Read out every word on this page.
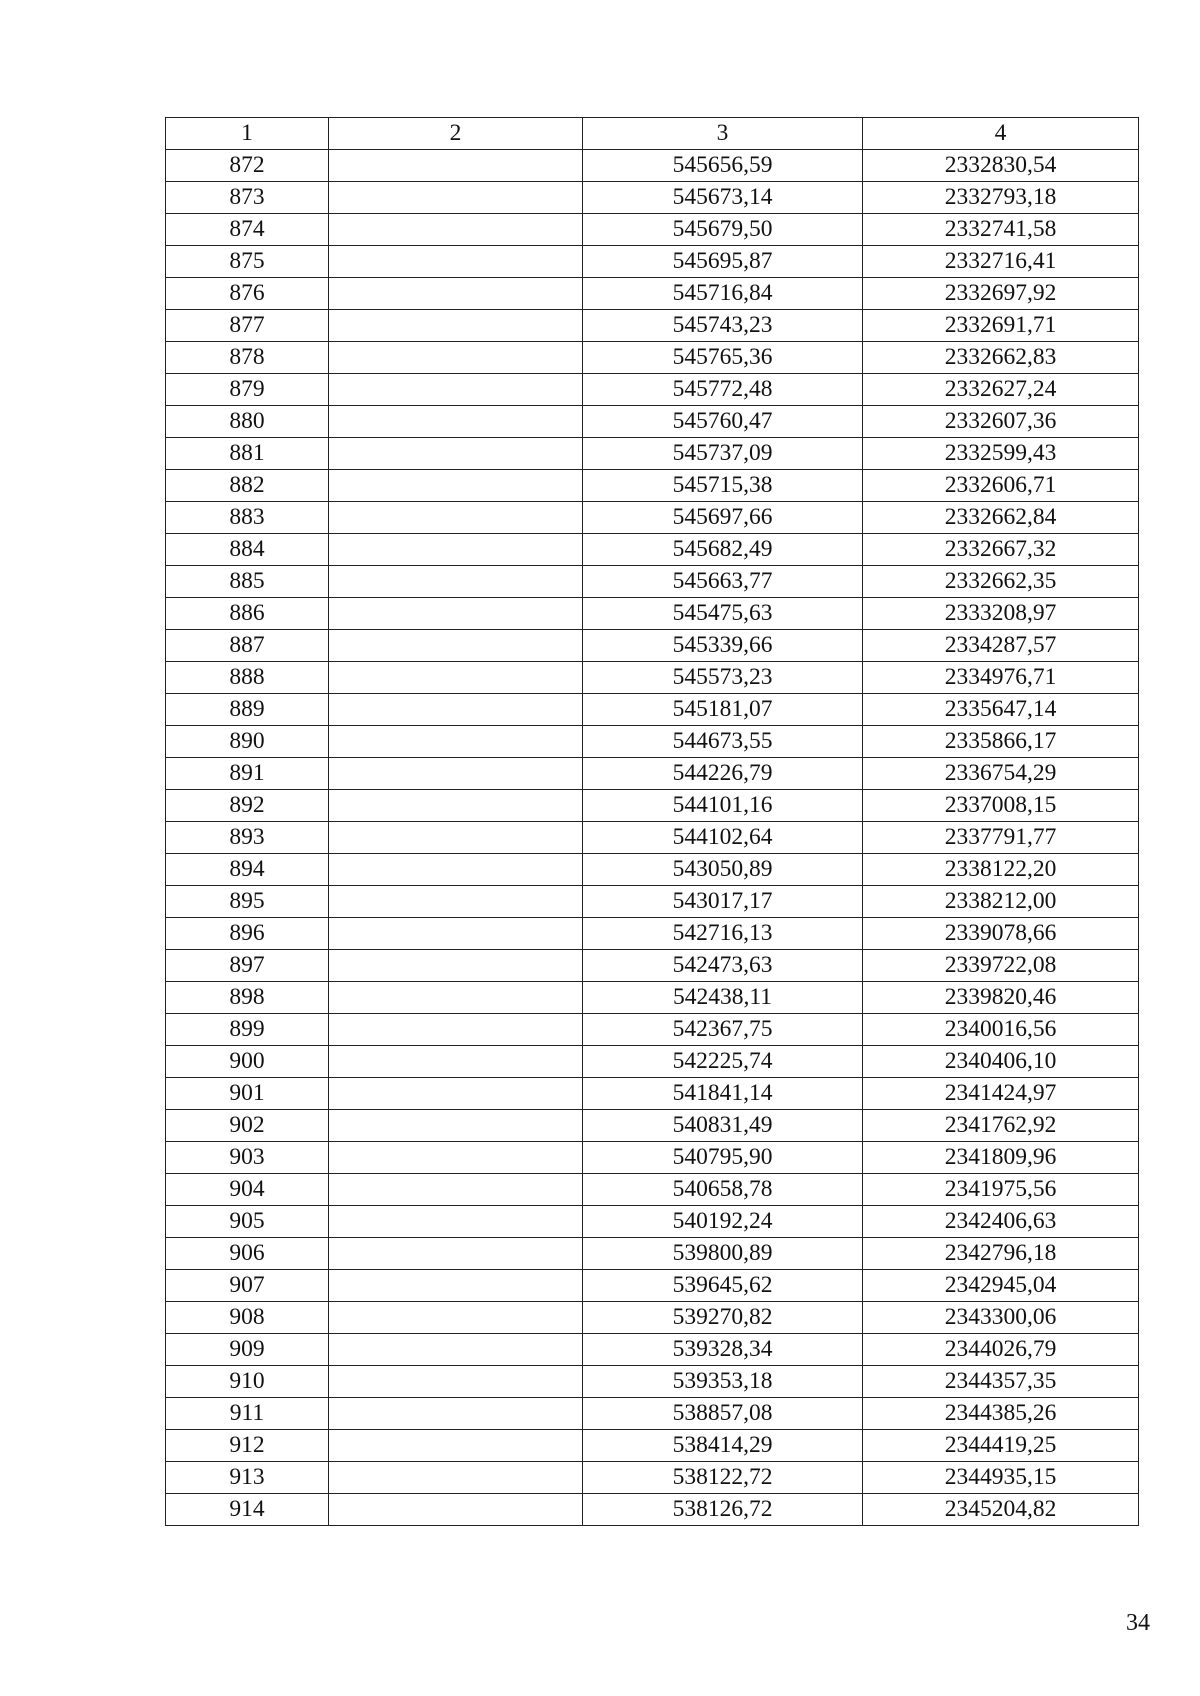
1	2	3	4
872		545656,59	2332830,54
873		545673,14	2332793,18
874		545679,50	2332741,58
875		545695,87	2332716,41
876		545716,84	2332697,92
877		545743,23	2332691,71
878		545765,36	2332662,83
879		545772,48	2332627,24
880		545760,47	2332607,36
881		545737,09	2332599,43
882		545715,38	2332606,71
883		545697,66	2332662,84
884		545682,49	2332667,32
885		545663,77	2332662,35
886		545475,63	2333208,97
887		545339,66	2334287,57
888		545573,23	2334976,71
889		545181,07	2335647,14
890		544673,55	2335866,17
891		544226,79	2336754,29
892		544101,16	2337008,15
893		544102,64	2337791,77
894		543050,89	2338122,20
895		543017,17	2338212,00
896		542716,13	2339078,66
897		542473,63	2339722,08
898		542438,11	2339820,46
899		542367,75	2340016,56
900		542225,74	2340406,10
901		541841,14	2341424,97
902		540831,49	2341762,92
903		540795,90	2341809,96
904		540658,78	2341975,56
905		540192,24	2342406,63
906		539800,89	2342796,18
907		539645,62	2342945,04
908		539270,82	2343300,06
909		539328,34	2344026,79
910		539353,18	2344357,35
911		538857,08	2344385,26
912		538414,29	2344419,25
913		538122,72	2344935,15
914		538126,72	2345204,82
34
